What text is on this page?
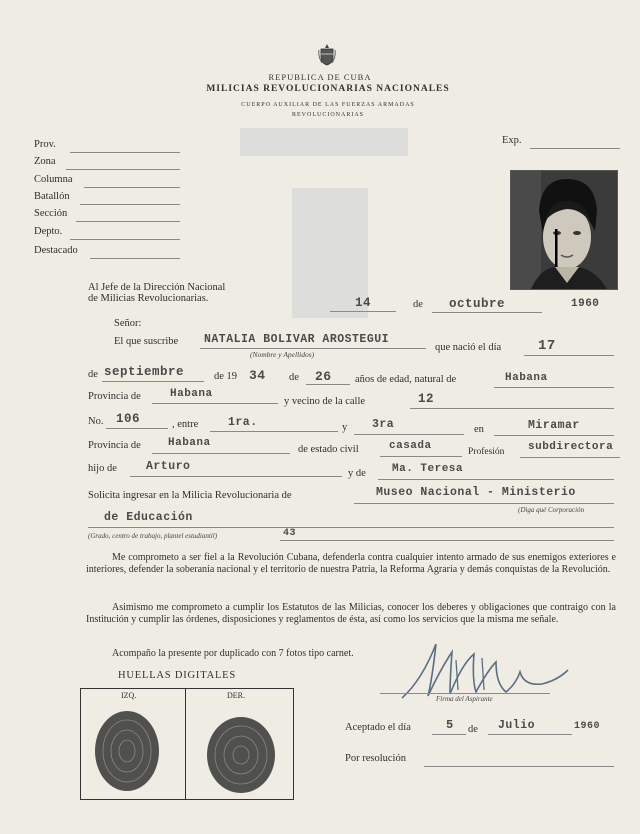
REPUBLICA DE CUBA
MILICIAS REVOLUCIONARIAS NACIONALES
CUERPO AUXILIAR DE LAS FUERZAS ARMADAS
REVOLUCIONARIAS
Prov.
Zona
Columna
Batallón
Sección
Depto.
Destacado
Exp.
Al Jefe de la Dirección Nacional
de Milicias Revolucionarias.	14	de octubre	1960
Señor:
El que suscribe NATALIA BOLIVAR AROSTEGUI
(Nombre y Apellidos)
que nació el día	17
de septiembre	de 19 34 de 26 años de edad, natural de	Habana
Provincia de	Habana
y vecino de la calle	12
No. 106	, entre	1ra.	y 3ra	en	Miramar
Provincia de Habana
de estado civil	casada	Profesión subdirectora
hijo de	Arturo
y de Ma. Teresa
Solicita ingresar en la Milicia Revolucionaria de	Museo Nacional - Ministerio
(Diga qué Corporación
de Educación
(Grado, centro de trabajo, plantel estudiantil)	43
Me comprometo a ser fiel a la Revolución Cubana, defenderla contra cualquier intento armado de sus enemigos exteriores e interiores, defender la soberanía nacional y el territorio de nuestra Patria, la Reforma Agraria y demás conquistas de la Revolución.
Asimismo me comprometo a cumplir los Estatutos de las Milicias, conocer los deberes y obligaciones que contraigo con la Institución y cumplir las órdenes, disposiciones y reglamentos de ésta, así como los servicios que la misma me señale.
Acompaño la presente por duplicado con 7 fotos tipo carnet.
HUELLAS DIGITALES
IZQ.	DER.	Firma del Aspirante
Aceptado el día	5 de Julio	1960
Por resolución
